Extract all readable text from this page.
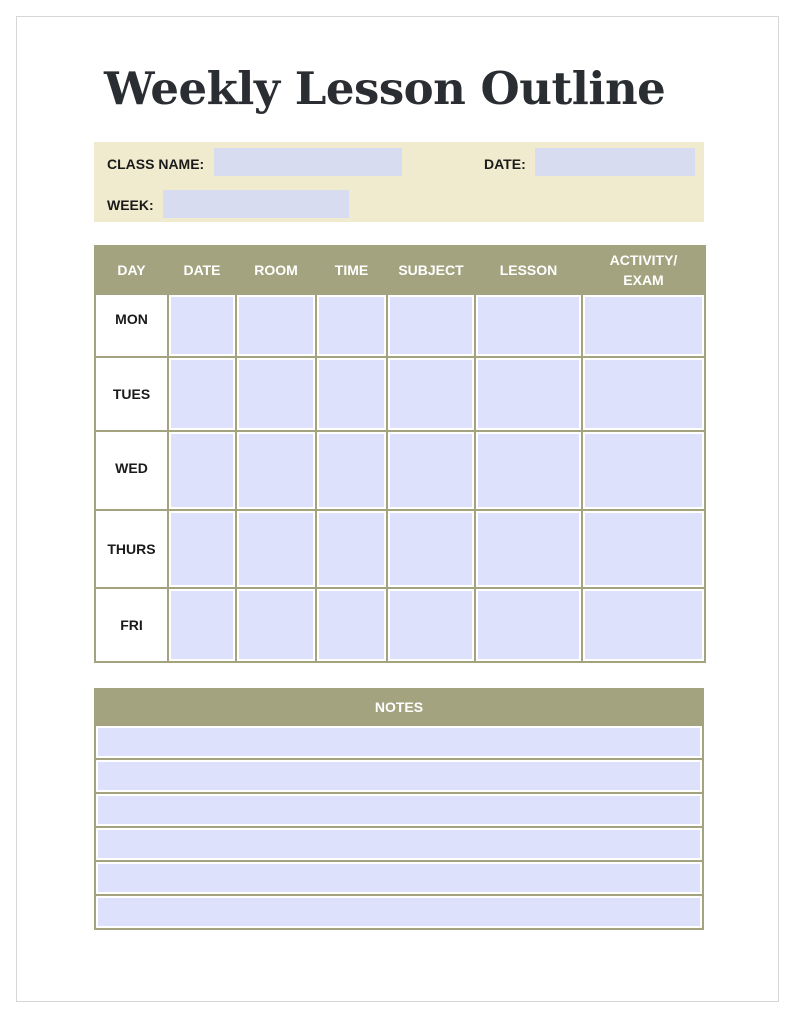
Weekly Lesson Outline
CLASS NAME:	DATE:
WEEK:
DAY	DATE	ROOM	TIME	SUBJECT	LESSON	ACTIVITY/ EXAM
MON						
TUES						
WED						
THURS						
FRI						
NOTES
